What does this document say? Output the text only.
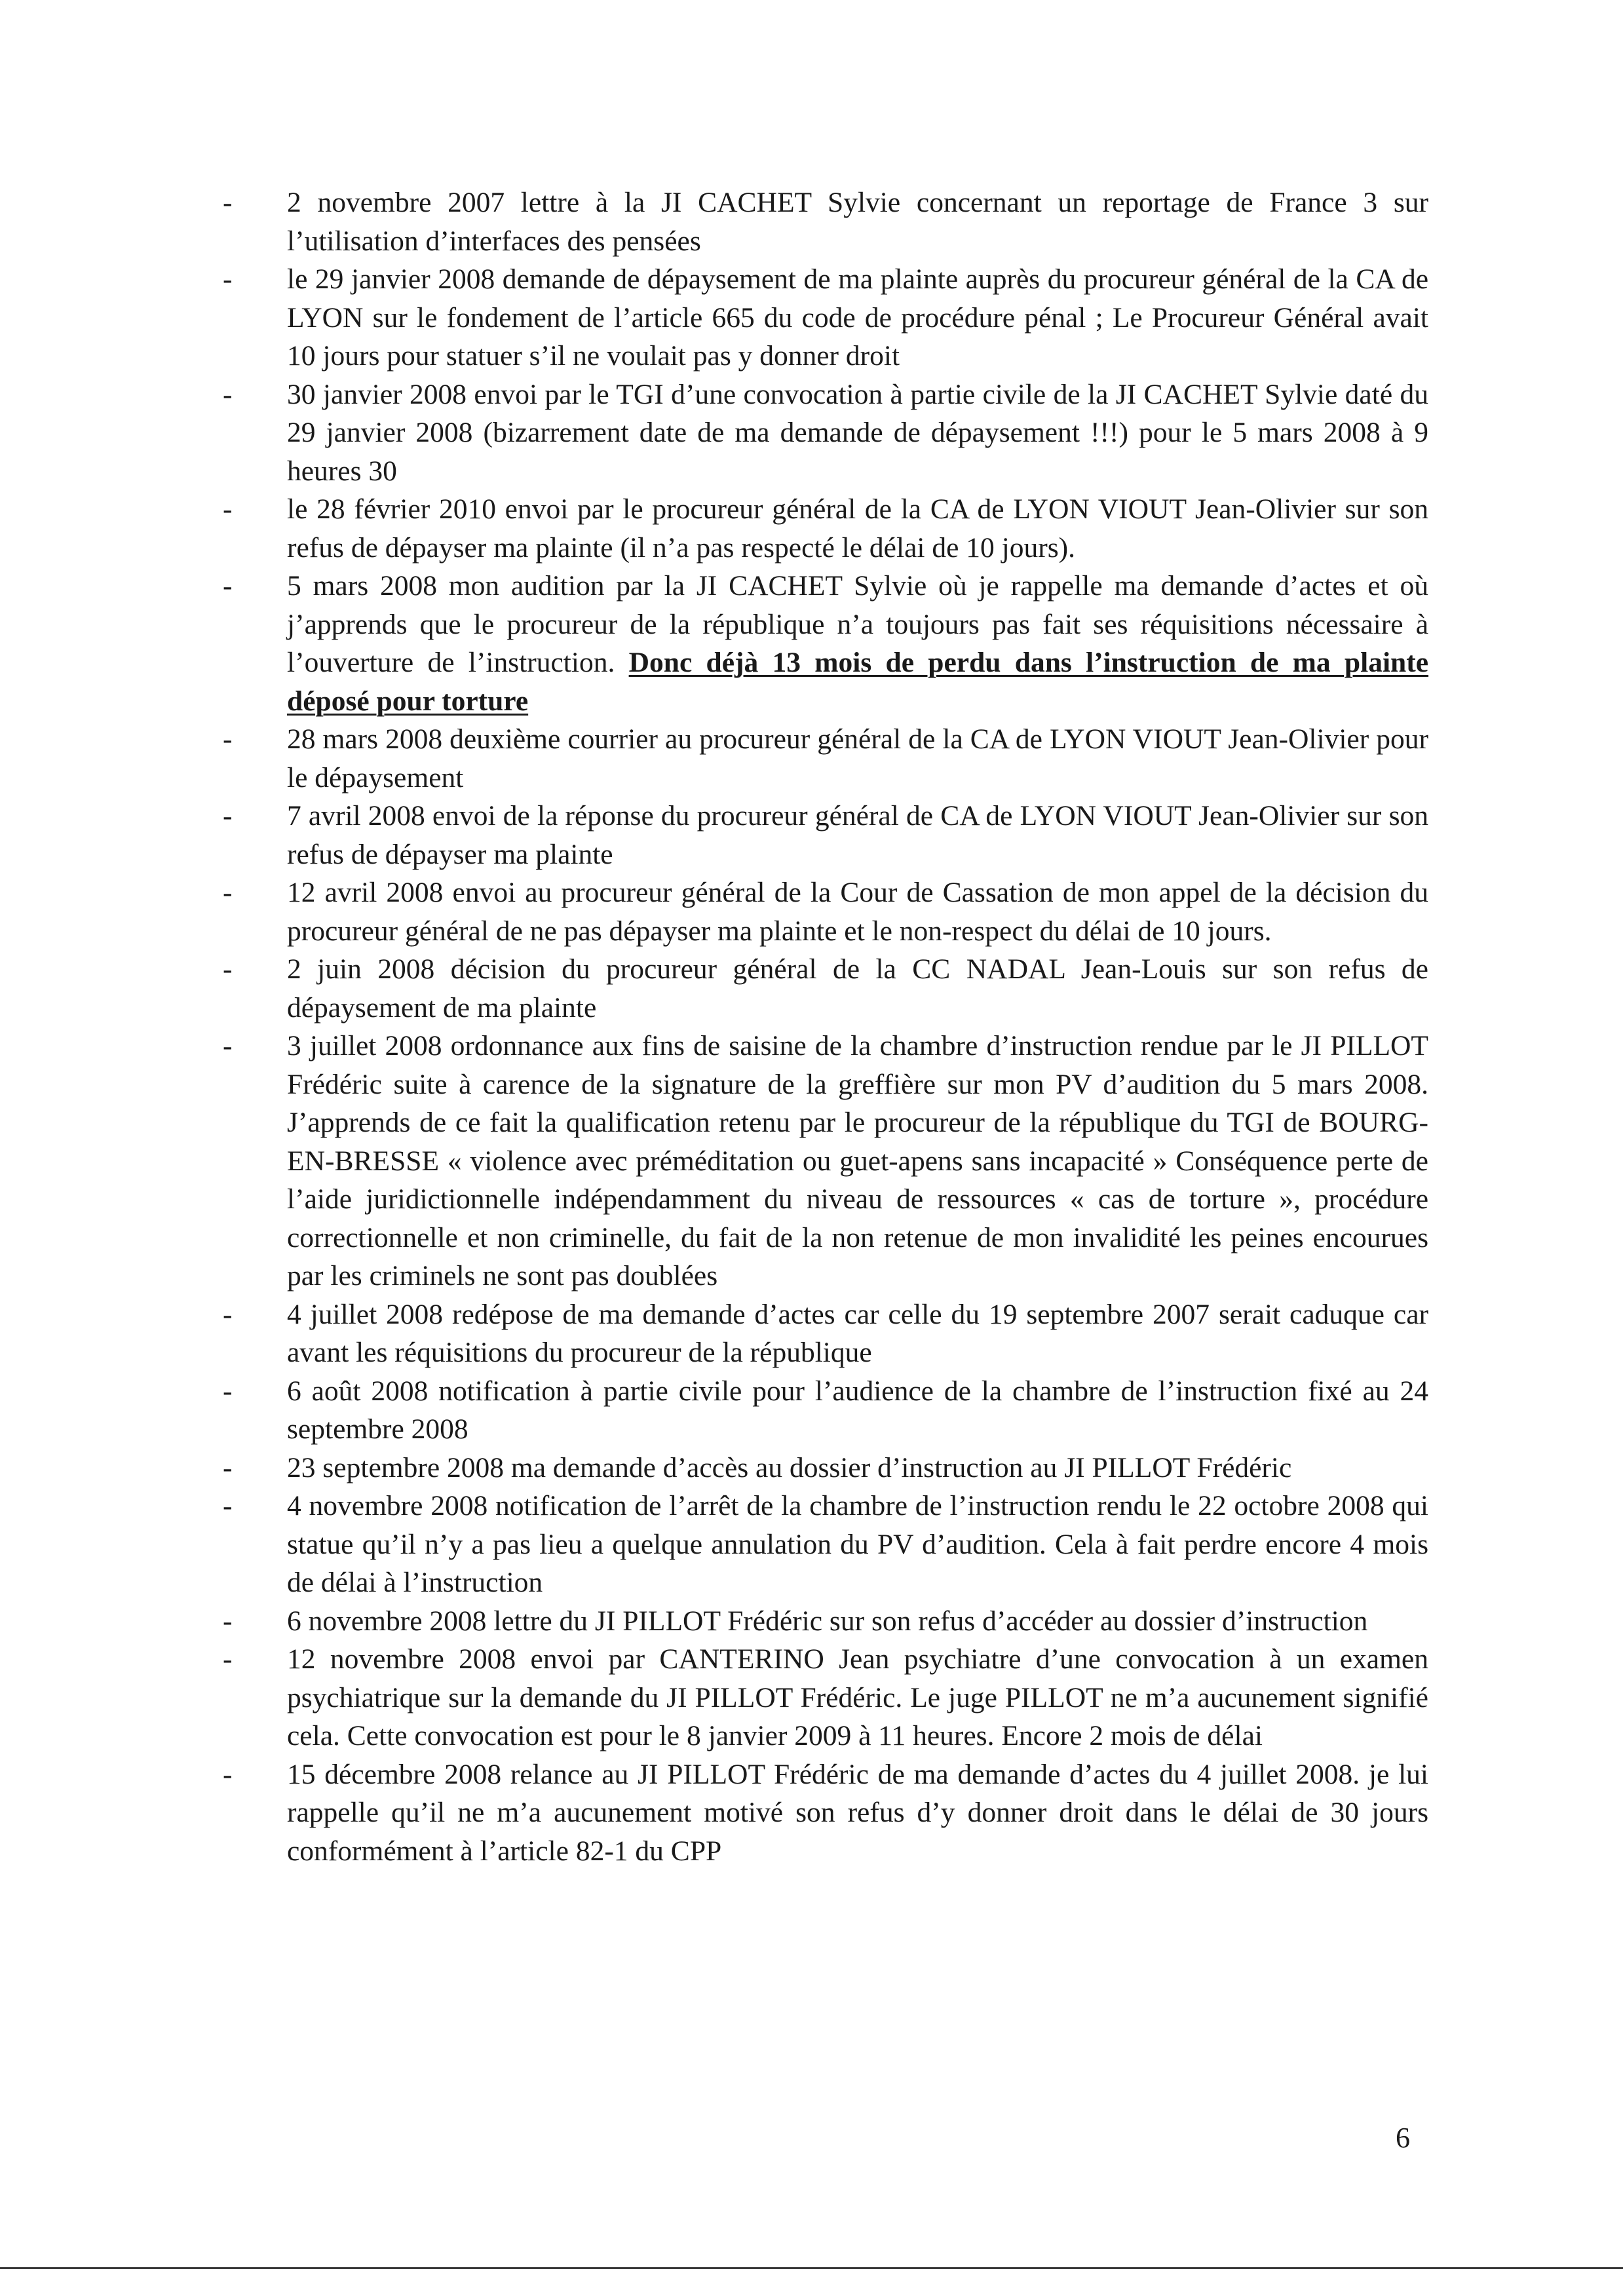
-	2 novembre 2007 lettre à la JI CACHET Sylvie concernant un reportage de France 3 sur l’utilisation d’interfaces des pensées
-	le 29 janvier 2008 demande de dépaysement de ma plainte auprès du procureur général de la CA de LYON sur le fondement de l’article 665 du code de procédure pénal ; Le Procureur Général avait 10 jours pour statuer s’il ne voulait pas y donner droit
-	30 janvier 2008 envoi par le TGI d’une convocation à partie civile de la JI CACHET Sylvie daté du 29 janvier 2008 (bizarrement date de ma demande de dépaysement !!!) pour le 5 mars 2008 à 9 heures 30
-	le 28 février 2010 envoi par le procureur général de la CA de LYON VIOUT Jean-Olivier sur son refus de dépayser ma plainte (il n’a pas respecté le délai de 10 jours).
-	5 mars 2008 mon audition par la JI CACHET Sylvie où je rappelle ma demande d’actes et où j’apprends que le procureur de la république n’a toujours pas fait ses réquisitions nécessaire à l’ouverture de l’instruction. Donc déjà 13 mois de perdu dans l’instruction de ma plainte déposé pour torture
-	28 mars 2008 deuxième courrier au procureur général de la CA de LYON VIOUT Jean-Olivier pour le dépaysement
-	7 avril 2008 envoi de la réponse du procureur général de CA de LYON VIOUT Jean-Olivier sur son refus de dépayser ma plainte
-	12 avril 2008 envoi au procureur général de la Cour de Cassation de mon appel de la décision du procureur général de ne pas dépayser ma plainte et le non-respect du délai de 10 jours.
-	2 juin 2008 décision du procureur général de la CC NADAL Jean-Louis sur son refus de dépaysement de ma plainte
-	3 juillet 2008 ordonnance aux fins de saisine de la chambre d’instruction rendue par le JI PILLOT Frédéric suite à carence de la signature de la greffière sur mon PV d’audition du 5 mars 2008. J’apprends de ce fait la qualification retenu par le procureur de la république du TGI de BOURG-EN-BRESSE « violence avec préméditation ou guet-apens sans incapacité » Conséquence perte de l’aide juridictionnelle indépendamment du niveau de ressources « cas de torture », procédure correctionnelle et non criminelle, du fait de la non retenue de mon invalidité les peines encourues par les criminels ne sont pas doublées
-	4 juillet 2008 redépose de ma demande d’actes car celle du 19 septembre 2007 serait caduque car avant les réquisitions du procureur de la république
-	6 août 2008 notification à partie civile pour l’audience de la chambre de l’instruction fixé au 24 septembre 2008
-	23 septembre 2008 ma demande d’accès au dossier d’instruction au JI PILLOT Frédéric
-	4 novembre 2008 notification de l’arrêt de la chambre de l’instruction rendu le 22 octobre 2008 qui statue qu’il n’y a pas lieu a quelque annulation du PV d’audition. Cela à fait perdre encore 4 mois de délai à l’instruction
-	6 novembre 2008 lettre du JI PILLOT Frédéric sur son refus d’accéder au dossier d’instruction
-	12 novembre 2008 envoi par CANTERINO Jean psychiatre d’une convocation à un examen psychiatrique sur la demande du JI PILLOT Frédéric. Le juge PILLOT ne m’a aucunement signifié cela. Cette convocation est pour le 8 janvier 2009 à 11 heures. Encore 2 mois de délai
-	15 décembre 2008 relance au JI PILLOT Frédéric de ma demande d’actes du 4 juillet 2008. je lui rappelle qu’il ne m’a aucunement motivé son refus d’y donner droit dans le délai de 30 jours conformément à l’article 82-1 du CPP
6
